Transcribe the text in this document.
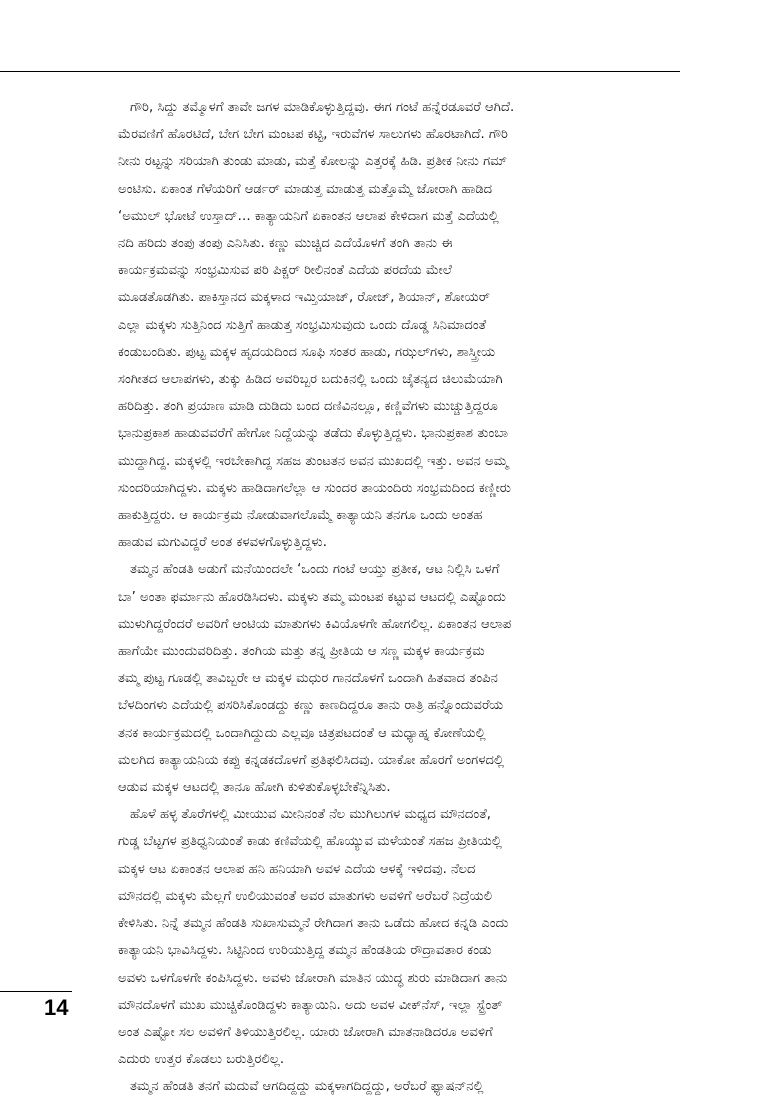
ಗೌರಿ, ಸಿದ್ದು ತಮ್ಮೊಳಗೆ ತಾವೇ ಜಗಳ ಮಾಡಿಕೊಳ್ಳುತ್ತಿದ್ದವು. ಈಗ ಗಂಟೆ ಹನ್ನೆರಡೂವರೆ ಆಗಿದೆ.
ಮೆರವಣಿಗೆ ಹೊರಟಿದೆ, ಬೇಗ ಬೇಗ ಮಂಟಪ ಕಟ್ಟಿ, ಇರುವೆಗಳ ಸಾಲುಗಳು ಹೊರಟಾಗಿದೆ. ಗೌರಿ
ನೀನು ರಟ್ಟನ್ನು ಸರಿಯಾಗಿ ತುಂಡು ಮಾಡು, ಮತ್ತೆ ಕೋಲನ್ನು ಎತ್ತರಕ್ಕೆ ಹಿಡಿ. ಪ್ರತೀಕ ನೀನು ಗಮ್
ಅಂಟಿಸು. ಏಕಾಂತ ಗೆಳೆಯರಿಗೆ ಆರ್ಡರ್ ಮಾಡುತ್ತ ಮಾಡುತ್ತ ಮತ್ತೊಮ್ಮೆ ಜೋರಾಗಿ ಹಾಡಿದ
‘ಅಮುಲ್ ಭೋಟೆ ಉಸ್ತಾದ್… ಕಾತ್ಯಾಯನಿಗೆ ಏಕಾಂತನ ಆಲಾಪ ಕೇಳಿದಾಗ ಮತ್ತೆ ಎದೆಯಲ್ಲಿ
ನದಿ ಹರಿದು ತಂಪು ತಂಪು ಎನಿಸಿತು. ಕಣ್ಣು ಮುಚ್ಚಿದ ಎದೆಯೊಳಗೆ ತಂಗಿ ತಾನು ಈ
ಕಾರ್ಯಕ್ರಮವನ್ನು ಸಂಭ್ರಮಿಸುವ ಪರಿ ಪಿಕ್ಚರ್ ರೀಲಿನಂತೆ ಎದೆಯ ಪರದೆಯ ಮೇಲೆ
ಮೂಡತೊಡಗಿತು. ಪಾಕಿಸ್ತಾನದ ಮಕ್ಕಳಾದ ಇಮ್ತಿಯಾಜ್, ರೋಜ್, ಶಿಯಾನ್, ಶೋಯರ್
ಎಲ್ಲಾ ಮಕ್ಕಳು ಸುತ್ತಿನಿಂದ ಸುತ್ತಿಗೆ ಹಾಡುತ್ತ ಸಂಭ್ರಮಿಸುವುದು ಒಂದು ದೊಡ್ಡ ಸಿನಿಮಾದಂತೆ
ಕಂಡುಬಂದಿತು. ಪುಟ್ಟ ಮಕ್ಕಳ ಹೃದಯದಿಂದ ಸೂಫಿ ಸಂತರ ಹಾಡು, ಗಝಲ್‌ಗಳು, ಶಾಸ್ತ್ರೀಯ
ಸಂಗೀತದ ಆಲಾಪಗಳು, ತುಕ್ಕು ಹಿಡಿದ ಅವರಿಬ್ಬರ ಬದುಕಿನಲ್ಲಿ ಒಂದು ಚೈತನ್ಯದ ಚಿಲುಮೆಯಾಗಿ
ಹರಿದಿತ್ತು. ತಂಗಿ ಪ್ರಯಾಣ ಮಾಡಿ ದುಡಿದು ಬಂದ ದಣಿವಿನಲ್ಲೂ, ಕಣ್ಣಿವೆಗಳು ಮುಚ್ಚುತ್ತಿದ್ದರೂ
ಭಾನುಪ್ರಕಾಶ ಹಾಡುವವರೆಗೆ ಹೇಗೋ ನಿದ್ದೆಯನ್ನು ತಡೆದು ಕೊಳ್ಳುತ್ತಿದ್ದಳು. ಭಾನುಪ್ರಕಾಶ ತುಂಬಾ
ಮುದ್ದಾಗಿದ್ದ. ಮಕ್ಕಳಲ್ಲಿ ಇರಬೇಕಾಗಿದ್ದ ಸಹಜ ತುಂಟತನ ಅವನ ಮುಖದಲ್ಲಿ ಇತ್ತು. ಅವನ ಅಮ್ಮ
ಸುಂದರಿಯಾಗಿದ್ದಳು. ಮಕ್ಕಳು ಹಾಡಿದಾಗಲೆಲ್ಲಾ ಆ ಸುಂದರ ತಾಯಂದಿರು ಸಂಭ್ರಮದಿಂದ ಕಣ್ಣೀರು
ಹಾಕುತ್ತಿದ್ದರು. ಆ ಕಾರ್ಯಕ್ರಮ ನೋಡುವಾಗಲೊಮ್ಮೆ ಕಾತ್ಯಾಯನಿ ತನಗೂ ಒಂದು ಅಂತಹ
ಹಾಡುವ ಮಗುವಿದ್ದರೆ ಅಂತ ಕಳವಳಗೊಳ್ಳುತ್ತಿದ್ದಳು.
ತಮ್ಮನ ಹೆಂಡತಿ ಅಡುಗೆ ಮನೆಯಿಂದಲೇ ‘ಒಂದು ಗಂಟೆ ಆಯ್ತು ಪ್ರತೀಕ, ಆಟ ನಿಲ್ಲಿಸಿ ಒಳಗೆ
ಬಾ’ ಅಂತಾ ಫರ್ಮಾನು ಹೊರಡಿಸಿದಳು. ಮಕ್ಕಳು ತಮ್ಮ ಮಂಟಪ ಕಟ್ಟುವ ಆಟದಲ್ಲಿ ಎಷ್ಟೊಂದು
ಮುಳುಗಿದ್ದರೆಂದರೆ ಅವರಿಗೆ ಆಂಟಿಯ ಮಾತುಗಳು ಕಿವಿಯೊಳಗೇ ಹೋಗಲಿಲ್ಲ. ಏಕಾಂತನ ಆಲಾಪ
ಹಾಗೆಯೇ ಮುಂದುವರಿದಿತ್ತು. ತಂಗಿಯ ಮತ್ತು ತನ್ನ ಪ್ರೀತಿಯ ಆ ಸಣ್ಣ ಮಕ್ಕಳ ಕಾರ್ಯಕ್ರಮ
ತಮ್ಮ ಪುಟ್ಟ ಗೂಡಲ್ಲಿ ತಾವಿಬ್ಬರೇ ಆ ಮಕ್ಕಳ ಮಧುರ ಗಾನದೊಳಗೆ ಒಂದಾಗಿ ಹಿತವಾದ ತಂಪಿನ
ಬೆಳದಿಂಗಳು ಎದೆಯಲ್ಲಿ ಪಸರಿಸಿಕೊಂಡದ್ದು ಕಣ್ಣು ಕಾಣದಿದ್ದರೂ ತಾನು ರಾತ್ರಿ ಹನ್ನೊಂದುವರೆಯ
ತನಕ ಕಾರ್ಯಕ್ರಮದಲ್ಲಿ ಒಂದಾಗಿದ್ದುದು ಎಲ್ಲವೂ ಚಿತ್ರಪಟದಂತೆ ಆ ಮಧ್ಯಾಹ್ನ ಕೋಣೆಯಲ್ಲಿ
ಮಲಗಿದ ಕಾತ್ಯಾಯನಿಯ ಕಪ್ಪು ಕನ್ನಡಕದೊಳಗೆ ಪ್ರತಿಫಲಿಸಿದವು. ಯಾಕೋ ಹೊರಗೆ ಅಂಗಳದಲ್ಲಿ
ಆಡುವ ಮಕ್ಕಳ ಆಟದಲ್ಲಿ ತಾನೂ ಹೋಗಿ ಕುಳಿತುಕೊಳ್ಳಬೇಕೆನ್ನಿಸಿತು.
ಹೊಳೆ ಹಳ್ಳ ತೊರೆಗಳಲ್ಲಿ ಮೀಯುವ ಮೀನಿನಂತೆ ನೆಲ ಮುಗಿಲುಗಳ ಮಧ್ಯದ ಮೌನದಂತೆ,
ಗುಡ್ಡ ಬೆಟ್ಟಗಳ ಪ್ರತಿಧ್ವನಿಯಂತೆ ಕಾಡು ಕಣಿವೆಯಲ್ಲಿ ಹೊಯ್ಯುವ ಮಳೆಯಂತೆ ಸಹಜ ಪ್ರೀತಿಯಲ್ಲಿ
ಮಕ್ಕಳ ಆಟ ಏಕಾಂತನ ಆಲಾಪ ಹನಿ ಹನಿಯಾಗಿ ಅವಳ ಎದೆಯ ಆಳಕ್ಕೆ ಇಳಿದವು. ನೆಲದ
ಮೌನದಲ್ಲಿ ಮಕ್ಕಳು ಮೆಲ್ಲಗೆ ಉಲಿಯುವಂತೆ ಅವರ ಮಾತುಗಳು ಅವಳಿಗೆ ಅರೆಬರೆ ನಿದ್ರೆಯಲಿ
ಕೇಳಿಸಿತು. ನಿನ್ನೆ ತಮ್ಮನ ಹೆಂಡತಿ ಸುಖಾಸುಮ್ಮನೆ ರೇಗಿದಾಗ ತಾನು ಒಡೆದು ಹೋದ ಕನ್ನಡಿ ಎಂದು
ಕಾತ್ಯಾಯನಿ ಭಾವಿಸಿದ್ದಳು. ಸಿಟ್ಟಿನಿಂದ ಉರಿಯುತ್ತಿದ್ದ ತಮ್ಮನ ಹೆಂಡತಿಯ ರೌದ್ರಾವತಾರ ಕಂಡು
ಅವಳು ಒಳಗೊಳಗೇ ಕಂಪಿಸಿದ್ದಳು. ಅವಳು ಜೋರಾಗಿ ಮಾತಿನ ಯುದ್ಧ ಶುರು ಮಾಡಿದಾಗ ತಾನು
ಮೌನದೊಳಗೆ ಮುಖ ಮುಚ್ಚಿಕೊಂಡಿದ್ದಳು ಕಾತ್ಯಾಯಿನಿ. ಅದು ಅವಳ ವೀಕ್‌ನೆಸ್, ಇಲ್ಲಾ ಸ್ಟ್ರೆಂತ್
ಅಂತ ಎಷ್ಟೋ ಸಲ ಅವಳಿಗೆ ತಿಳಿಯುತ್ತಿರಲಿಲ್ಲ. ಯಾರು ಜೋರಾಗಿ ಮಾತನಾಡಿದರೂ ಅವಳಿಗೆ
ಎದುರು ಉತ್ತರ ಕೊಡಲು ಬರುತ್ತಿರಲಿಲ್ಲ.
ತಮ್ಮನ ಹೆಂಡತಿ ತನಗೆ ಮದುವೆ ಆಗದಿದ್ದದ್ದು ಮಕ್ಕಳಾಗದಿದ್ದದ್ದು, ಅರೆಬರೆ ಫ್ಯಾಷನ್‌ನಲ್ಲಿ
14
